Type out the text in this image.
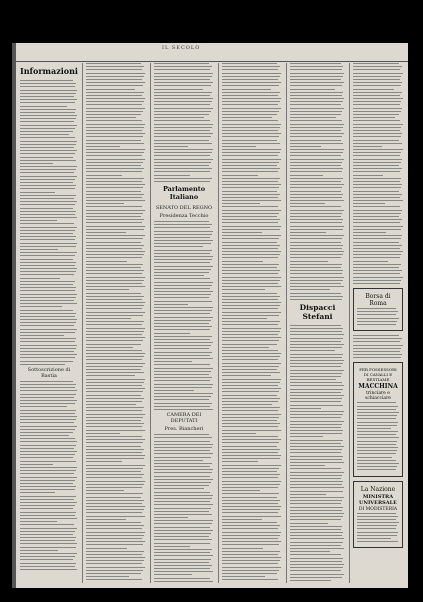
IL SECOLO
Informazioni
Sottoscrizione di Bastia
Parlamento Italiano
SENATO DEL REGNO
Presidenza Tecchio
CAMERA DEI DEPUTATI
Pres. Biancheri
Dispacci Stefani
Borsa di Roma
PER POSSESSORI DI CAVALLI E BESTIAME
MACCHINA
trinciare e schiacciare
La Nazione
MINISTRA UNIVERSALE
DI MODISTERIA
